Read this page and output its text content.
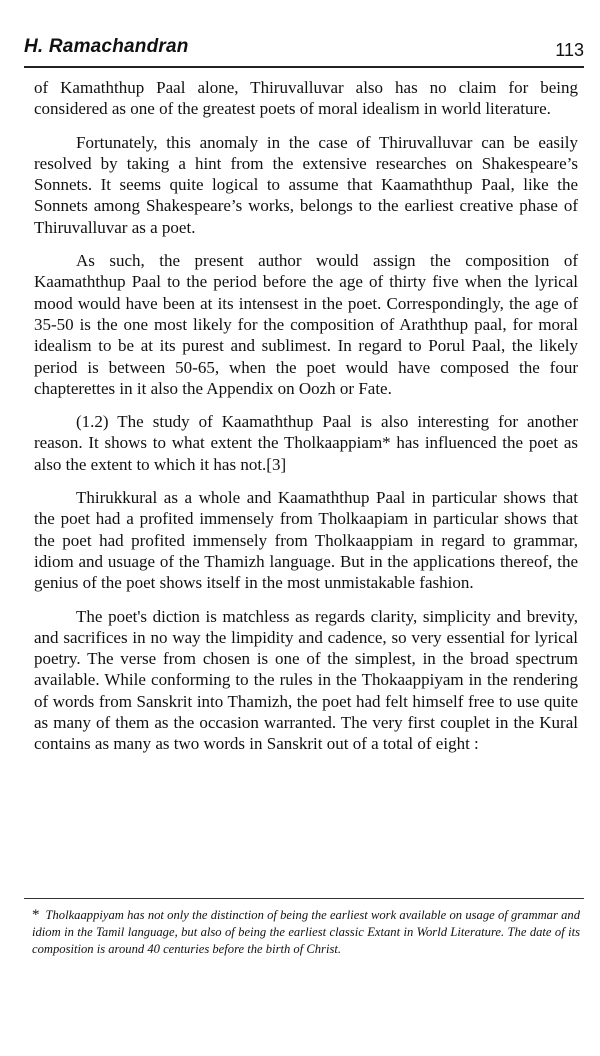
H. Ramachandran	113

of Kamaththup Paal alone, Thiruvalluvar also has no claim for being considered as one of the greatest poets of moral idealism in world literature.

Fortunately, this anomaly in the case of Thiruvalluvar can be easily resolved by taking a hint from the extensive researches on Shakespeare’s Sonnets. It seems quite logical to assume that Kaamaththup Paal, like the Sonnets among Shakespeare’s works, belongs to the earliest creative phase of Thiruvalluvar as a poet.

As such, the present author would assign the composition of Kaamaththup Paal to the period before the age of thirty five when the lyrical mood would have been at its intensest in the poet. Correspondingly, the age of 35-50 is the one most likely for the composition of Araththup paal, for moral idealism to be at its purest and sublimest. In regard to Porul Paal, the likely period is between 50-65, when the poet would have composed the four chapterettes in it also the Appendix on Oozh or Fate.

(1.2) The study of Kaamaththup Paal is also interesting for another reason. It shows to what extent the Tholkaappiam* has influenced the poet as also the extent to which it has not.[3]

Thirukkural as a whole and Kaamaththup Paal in particular shows that the poet had a profited immensely from Tholkaapiam in particular shows that the poet had profited immensely from Tholkaappiam in regard to grammar, idiom and usuage of the Thamizh language. But in the applications thereof, the genius of the poet shows itself in the most unmistakable fashion.

The poet's diction is matchless as regards clarity, simplicity and brevity, and sacrifices in no way the limpidity and cadence, so very essential for lyrical poetry. The verse from chosen is one of the simplest, in the broad spectrum available. While conforming to the rules in the Thokaappiyam in the rendering of words from Sanskrit into Thamizh, the poet had felt himself free to use quite as many of them as the occasion warranted. The very first couplet in the Kural contains as many as two words in Sanskrit out of a total of eight :

* Tholkaappiyam has not only the distinction of being the earliest work available on usage of grammar and idiom in the Tamil language, but also of being the earliest classic Extant in World Literature. The date of its composition is around 40 centuries before the birth of Christ.
